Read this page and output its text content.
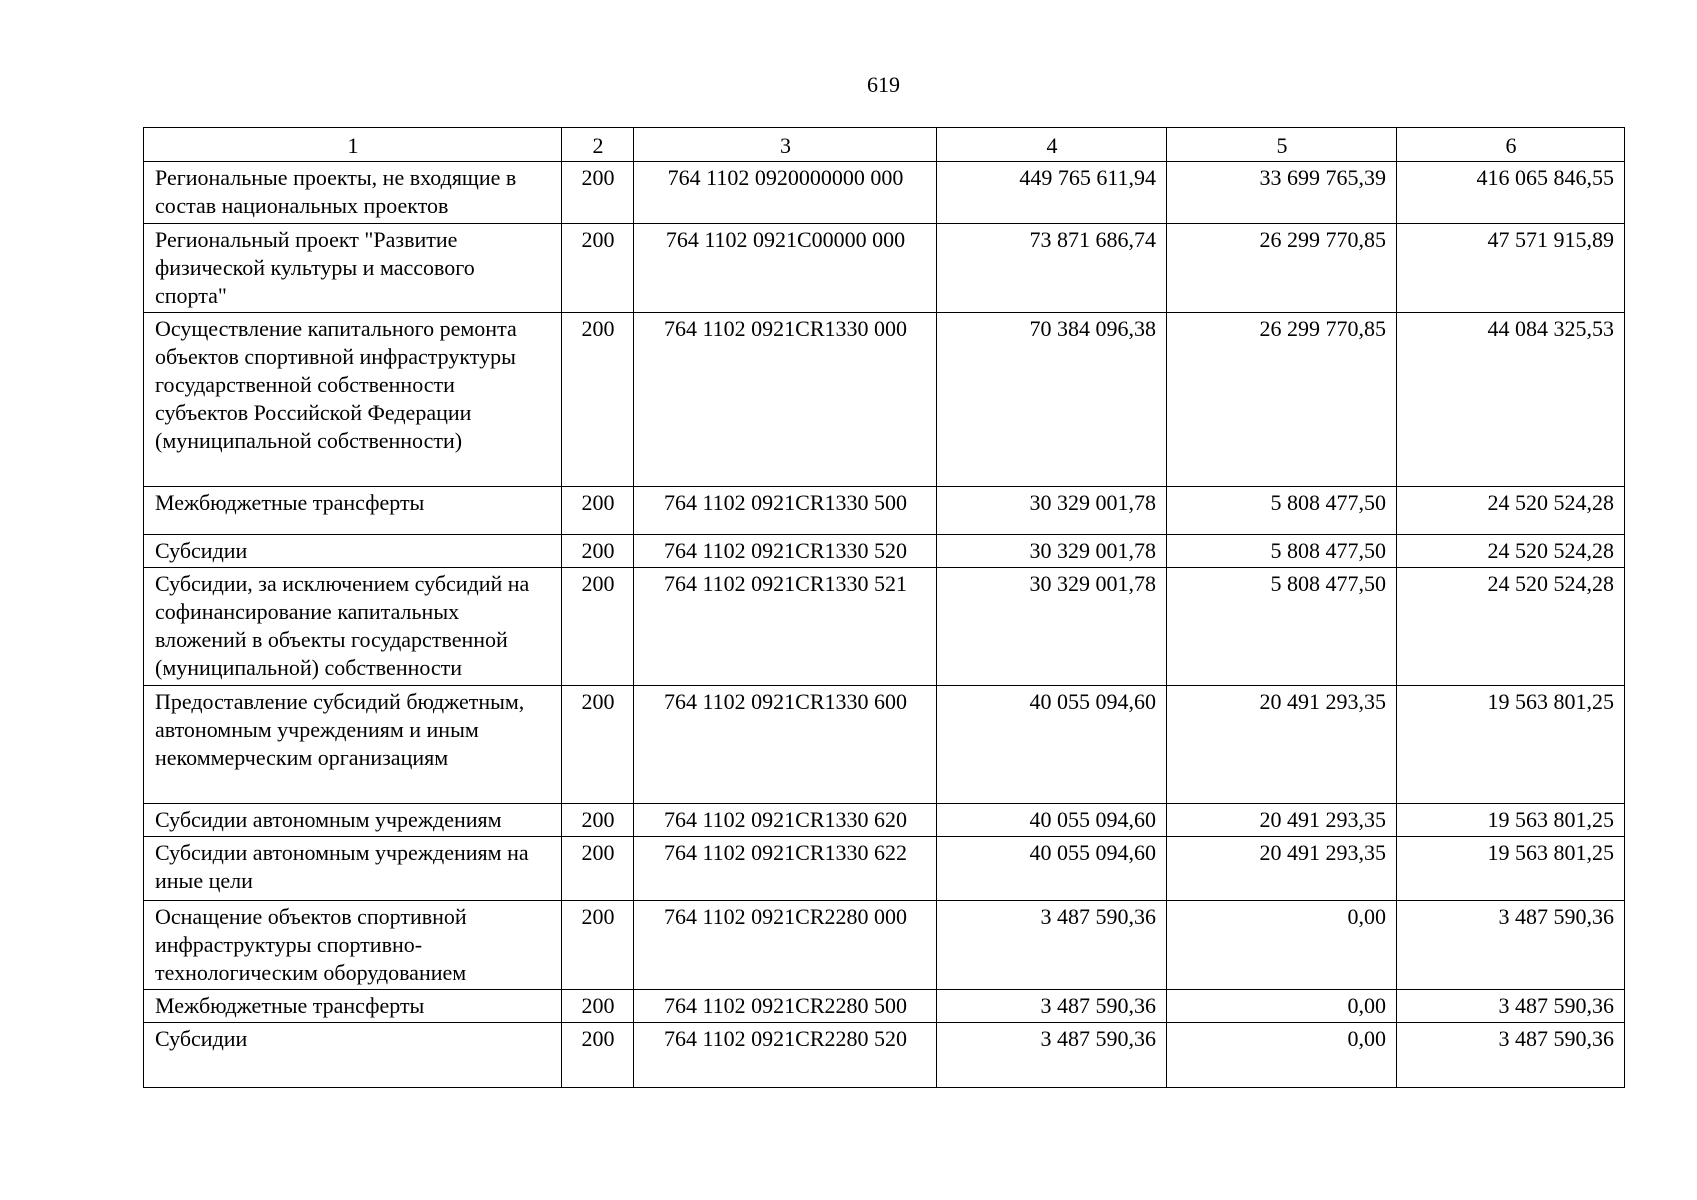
619
1	2	3	4	5	6
Региональные проекты, не входящие в состав национальных проектов	200	764 1102 0920000000 000	449 765 611,94	33 699 765,39	416 065 846,55
Региональный проект "Развитие физической культуры и массового спорта"	200	764 1102 0921C00000 000	73 871 686,74	26 299 770,85	47 571 915,89
Осуществление капитального ремонта объектов спортивной инфраструктуры государственной собственности субъектов Российской Федерации (муниципальной собственности)	200	764 1102 0921CR1330 000	70 384 096,38	26 299 770,85	44 084 325,53
Межбюджетные трансферты	200	764 1102 0921CR1330 500	30 329 001,78	5 808 477,50	24 520 524,28
Субсидии	200	764 1102 0921CR1330 520	30 329 001,78	5 808 477,50	24 520 524,28
Субсидии, за исключением субсидий на софинансирование капитальных вложений в объекты государственной (муниципальной) собственности	200	764 1102 0921CR1330 521	30 329 001,78	5 808 477,50	24 520 524,28
Предоставление субсидий бюджетным, автономным учреждениям и иным некоммерческим организациям	200	764 1102 0921CR1330 600	40 055 094,60	20 491 293,35	19 563 801,25
Субсидии автономным учреждениям	200	764 1102 0921CR1330 620	40 055 094,60	20 491 293,35	19 563 801,25
Субсидии автономным учреждениям на иные цели	200	764 1102 0921CR1330 622	40 055 094,60	20 491 293,35	19 563 801,25
Оснащение объектов спортивной инфраструктуры спортивно-технологическим оборудованием	200	764 1102 0921CR2280 000	3 487 590,36	0,00	3 487 590,36
Межбюджетные трансферты	200	764 1102 0921CR2280 500	3 487 590,36	0,00	3 487 590,36
Субсидии	200	764 1102 0921CR2280 520	3 487 590,36	0,00	3 487 590,36
